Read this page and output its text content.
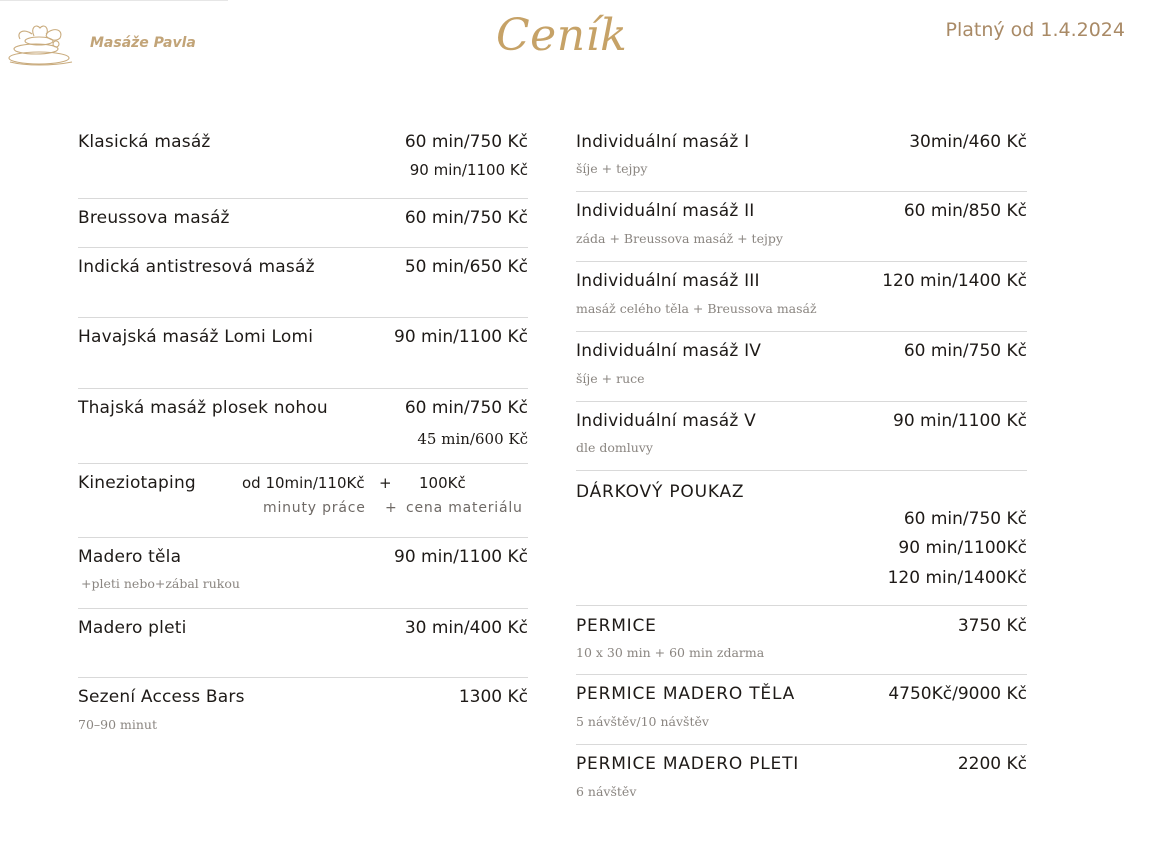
Masáže Pavla	Ceník	Platný od 1.4.2024
Klasická masáž	60 min/750 Kč
90 min/1100 Kč
Breussova masáž	60 min/750 Kč
Indická antistresová masáž	50 min/650 Kč
Havajská masáž Lomi Lomi	90 min/1100 Kč
Thajská masáž plosek nohou	60 min/750 Kč
45 min/600 Kč
Kineziotaping	od 10min/110Kč + 100Kč
minuty práce + cena materiálu
Madero těla	90 min/1100 Kč
+pleti nebo+zábal rukou
Madero pleti	30 min/400 Kč
Sezení Access Bars	1300 Kč
70–90 minut
Individuální masáž I	30min/460 Kč
šíje + tejpy
Individuální masáž II	60 min/850 Kč
záda + Breussova masáž + tejpy
Individuální masáž III	120 min/1400 Kč
masáž celého těla + Breussova masáž
Individuální masáž IV	60 min/750 Kč
šíje + ruce
Individuální masáž V	90 min/1100 Kč
dle domluvy
DÁRKOVÝ POUKAZ
60 min/750 Kč
90 min/1100Kč
120 min/1400Kč
PERMICE	3750 Kč
10 x 30 min + 60 min zdarma
PERMICE MADERO TĚLA	4750Kč/9000 Kč
5 návštěv/10 návštěv
PERMICE MADERO PLETI	2200 Kč
6 návštěv
